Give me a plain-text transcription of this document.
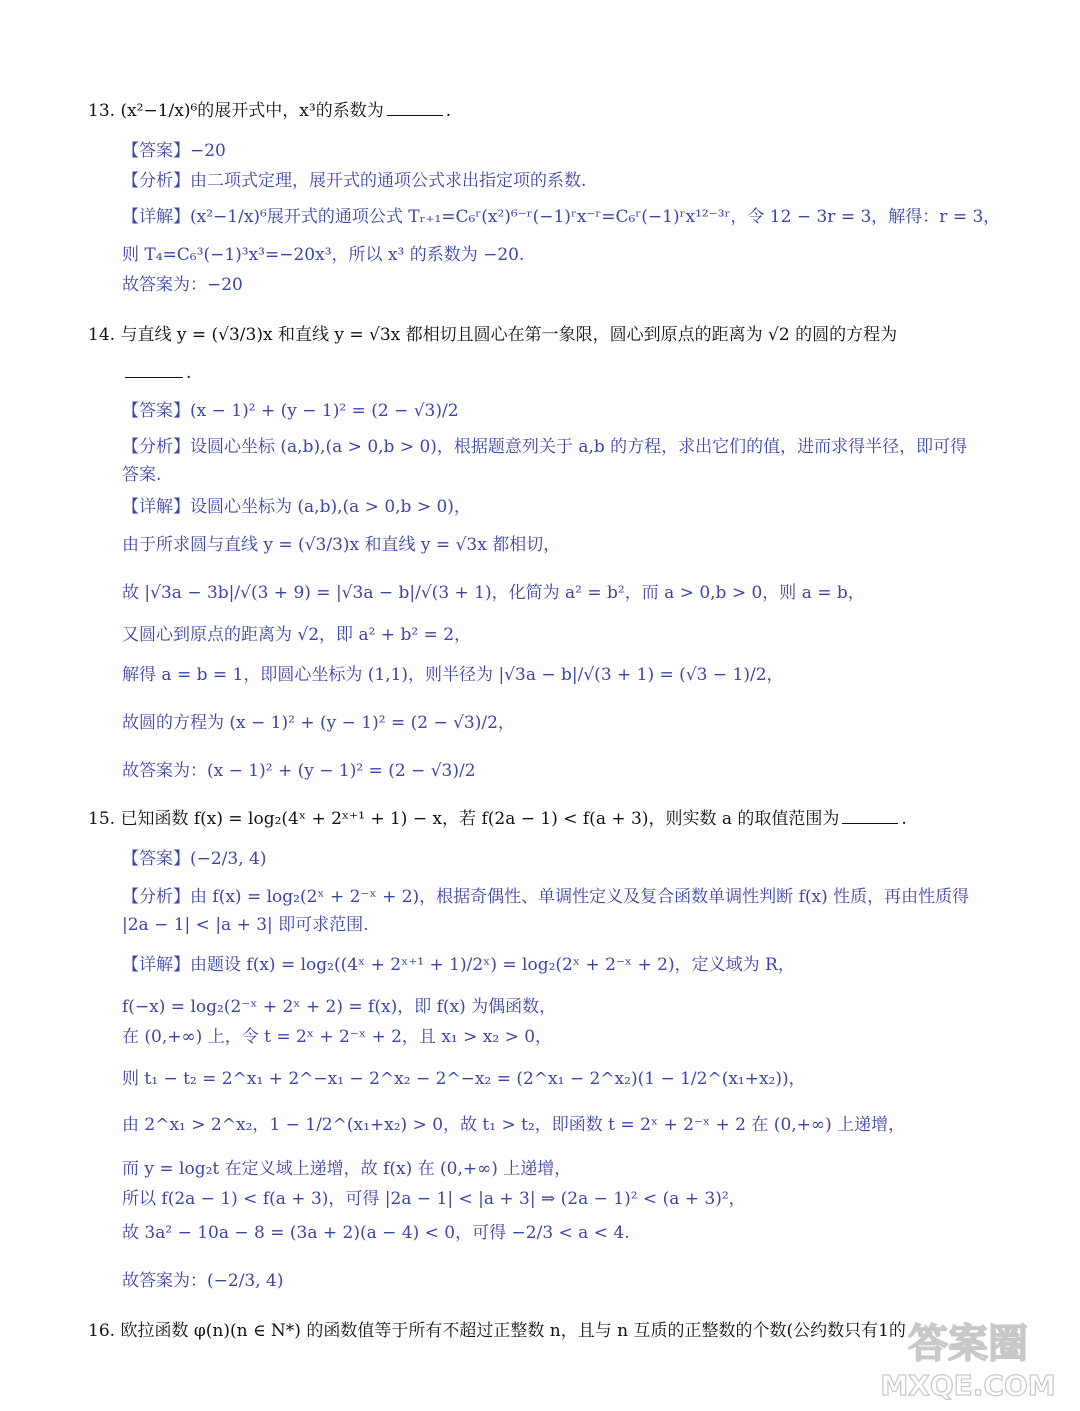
13. (x²−1/x)⁶的展开式中，x³的系数为	.
【答案】−20
【分析】由二项式定理，展开式的通项公式求出指定项的系数.
【详解】(x²−1/x)⁶展开式的通项公式 Tᵣ₊₁=C₆ʳ(x²)⁶⁻ʳ(−1)ʳx⁻ʳ=C₆ʳ(−1)ʳx¹²⁻³ʳ，令 12 − 3r = 3，解得：r = 3，
则 T₄=C₆³(−1)³x³=−20x³，所以 x³ 的系数为 −20.
故答案为：−20
14. 与直线 y = (√3/3)x 和直线 y = √3x 都相切且圆心在第一象限，圆心到原点的距离为 √2 的圆的方程为
.
【答案】(x − 1)² + (y − 1)² = (2 − √3)/2
【分析】设圆心坐标 (a,b),(a > 0,b > 0)，根据题意列关于 a,b 的方程，求出它们的值，进而求得半径，即可得
答案.
【详解】设圆心坐标为 (a,b),(a > 0,b > 0)，
由于所求圆与直线 y = (√3/3)x 和直线 y = √3x 都相切，
故 |√3a − 3b|/√(3 + 9) = |√3a − b|/√(3 + 1)，化简为 a² = b²，而 a > 0,b > 0，则 a = b，
又圆心到原点的距离为 √2，即 a² + b² = 2，
解得 a = b = 1，即圆心坐标为 (1,1)，则半径为 |√3a − b|/√(3 + 1) = (√3 − 1)/2，
故圆的方程为 (x − 1)² + (y − 1)² = (2 − √3)/2，
故答案为：(x − 1)² + (y − 1)² = (2 − √3)/2
15. 已知函数 f(x) = log₂(4ˣ + 2ˣ⁺¹ + 1) − x，若 f(2a − 1) < f(a + 3)，则实数 a 的取值范围为	.
【答案】(−2/3, 4)
【分析】由 f(x) = log₂(2ˣ + 2⁻ˣ + 2)，根据奇偶性、单调性定义及复合函数单调性判断 f(x) 性质，再由性质得
|2a − 1| < |a + 3| 即可求范围.
【详解】由题设 f(x) = log₂((4ˣ + 2ˣ⁺¹ + 1)/2ˣ) = log₂(2ˣ + 2⁻ˣ + 2)，定义域为 R，
f(−x) = log₂(2⁻ˣ + 2ˣ + 2) = f(x)，即 f(x) 为偶函数，
在 (0,+∞) 上，令 t = 2ˣ + 2⁻ˣ + 2，且 x₁ > x₂ > 0，
则 t₁ − t₂ = 2^x₁ + 2^−x₁ − 2^x₂ − 2^−x₂ = (2^x₁ − 2^x₂)(1 − 1/2^(x₁+x₂))，
由 2^x₁ > 2^x₂，1 − 1/2^(x₁+x₂) > 0，故 t₁ > t₂，即函数 t = 2ˣ + 2⁻ˣ + 2 在 (0,+∞) 上递增，
而 y = log₂t 在定义域上递增，故 f(x) 在 (0,+∞) 上递增，
所以 f(2a − 1) < f(a + 3)，可得 |2a − 1| < |a + 3| ⇒ (2a − 1)² < (a + 3)²，
故 3a² − 10a − 8 = (3a + 2)(a − 4) < 0，可得 −2/3 < a < 4.
故答案为：(−2/3, 4)
16. 欧拉函数 φ(n)(n ∈ N*) 的函数值等于所有不超过正整数 n，且与 n 互质的正整数的个数(公约数只有1的 答案圈
MXQE.COM
